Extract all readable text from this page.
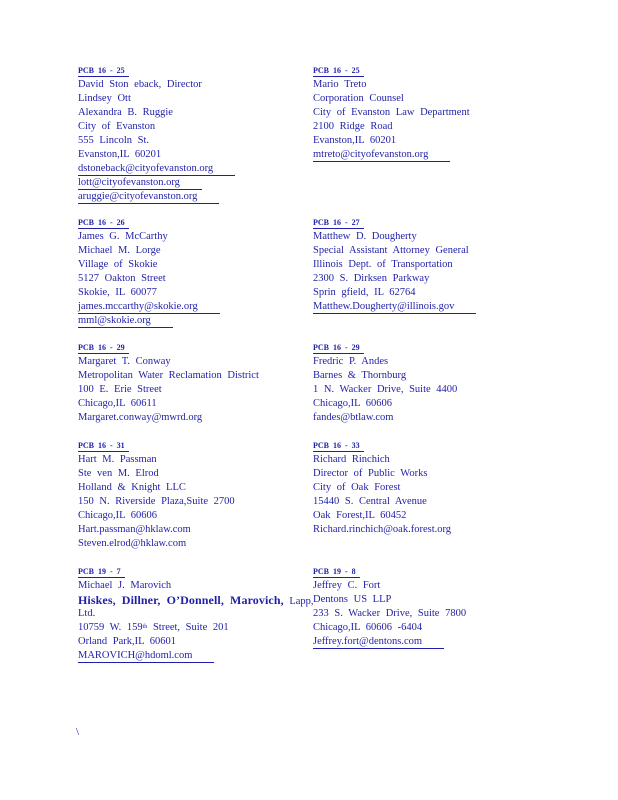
PCB 16 - 25
David Ston eback, Director
Lindsey Ott
Alexandra B. Ruggie
City of Evanston
555 Lincoln St.
Evanston,IL 60201
dstoneback@cityofevanston.org
lott@cityofevanston.org
aruggie@cityofevanston.org
PCB 16 - 25
Mario Treto
Corporation Counsel
City of Evanston Law Department
2100 Ridge Road
Evanston,IL 60201
mtreto@cityofevanston.org
PCB 16 - 26
James G. McCarthy
Michael M. Lorge
Village of Skokie
5127 Oakton Street
Skokie, IL 60077
james.mccarthy@skokie.org
mml@skokie.org
PCB 16 - 27
Matthew D. Dougherty
Special Assistant Attorney General
Illinois Dept. of Transportation
2300 S. Dirksen Parkway
Sprin gfield, IL 62764
Matthew.Dougherty@illinois.gov
PCB 16 - 29
Margaret T. Conway
Metropolitan Water Reclamation District
100 E. Erie Street
Chicago,IL 60611
Margaret.conway@mwrd.org
PCB 16 - 29
Fredric P. Andes
Barnes & Thornburg
1 N. Wacker Drive, Suite 4400
Chicago,IL 60606
fandes@btlaw.com
PCB 16 - 31
Hart M. Passman
Ste ven M. Elrod
Holland & Knight LLC
150 N. Riverside Plaza,Suite 2700
Chicago,IL 60606
Hart.passman@hklaw.com
Steven.elrod@hklaw.com
PCB 16 - 33
Richard Rinchich
Director of Public Works
City of Oak Forest
15440 S. Central Avenue
Oak Forest,IL 60452
Richard.rinchich@oak.forest.org
PCB 19 - 7
Michael J. Marovich
Hiskes, Dillner, O’Donnell, Marovich, Lapp,
Ltd.
10759 W. 159th Street, Suite 201
Orland Park,IL 60601
MAROVICH@hdoml.com
PCB 19 - 8
Jeffrey C. Fort
Dentons US LLP
233 S. Wacker Drive, Suite 7800
Chicago,IL 60606 -6404
Jeffrey.fort@dentons.com
\
